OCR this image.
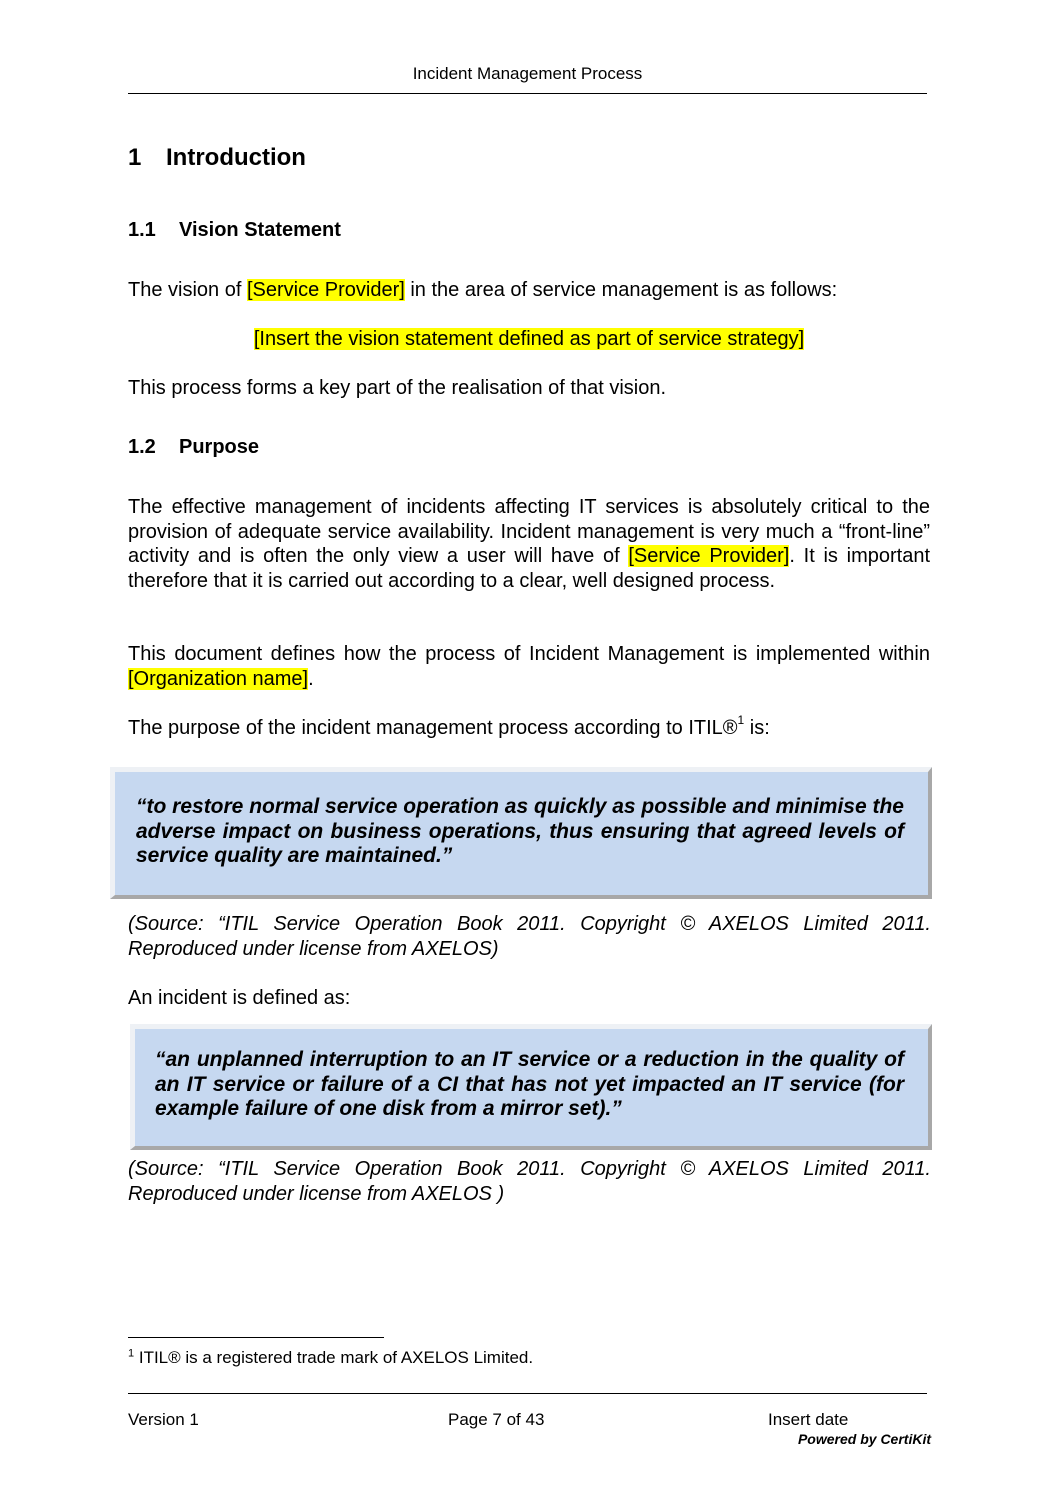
Incident Management Process
1 Introduction
1.1 Vision Statement
The vision of [Service Provider] in the area of service management is as follows:
[Insert the vision statement defined as part of service strategy]
This process forms a key part of the realisation of that vision.
1.2 Purpose
The effective management of incidents affecting IT services is absolutely critical to the provision of adequate service availability. Incident management is very much a “front-line” activity and is often the only view a user will have of [Service Provider]. It is important therefore that it is carried out according to a clear, well designed process.
This document defines how the process of Incident Management is implemented within [Organization name].
The purpose of the incident management process according to ITIL®$^1$ is:
“to restore normal service operation as quickly as possible and minimise the adverse impact on business operations, thus ensuring that agreed levels of service quality are maintained.”
(Source: “ITIL Service Operation Book 2011. Copyright © AXELOS Limited 2011. Reproduced under license from AXELOS)
An incident is defined as:
“an unplanned interruption to an IT service or a reduction in the quality of an IT service or failure of a CI that has not yet impacted an IT service (for example failure of one disk from a mirror set).”
(Source: “ITIL Service Operation Book 2011. Copyright © AXELOS Limited 2011. Reproduced under license from AXELOS )
$^1$ ITIL® is a registered trade mark of AXELOS Limited.
Version 1	Page 7 of 43	Insert date
Powered by CertiKit
